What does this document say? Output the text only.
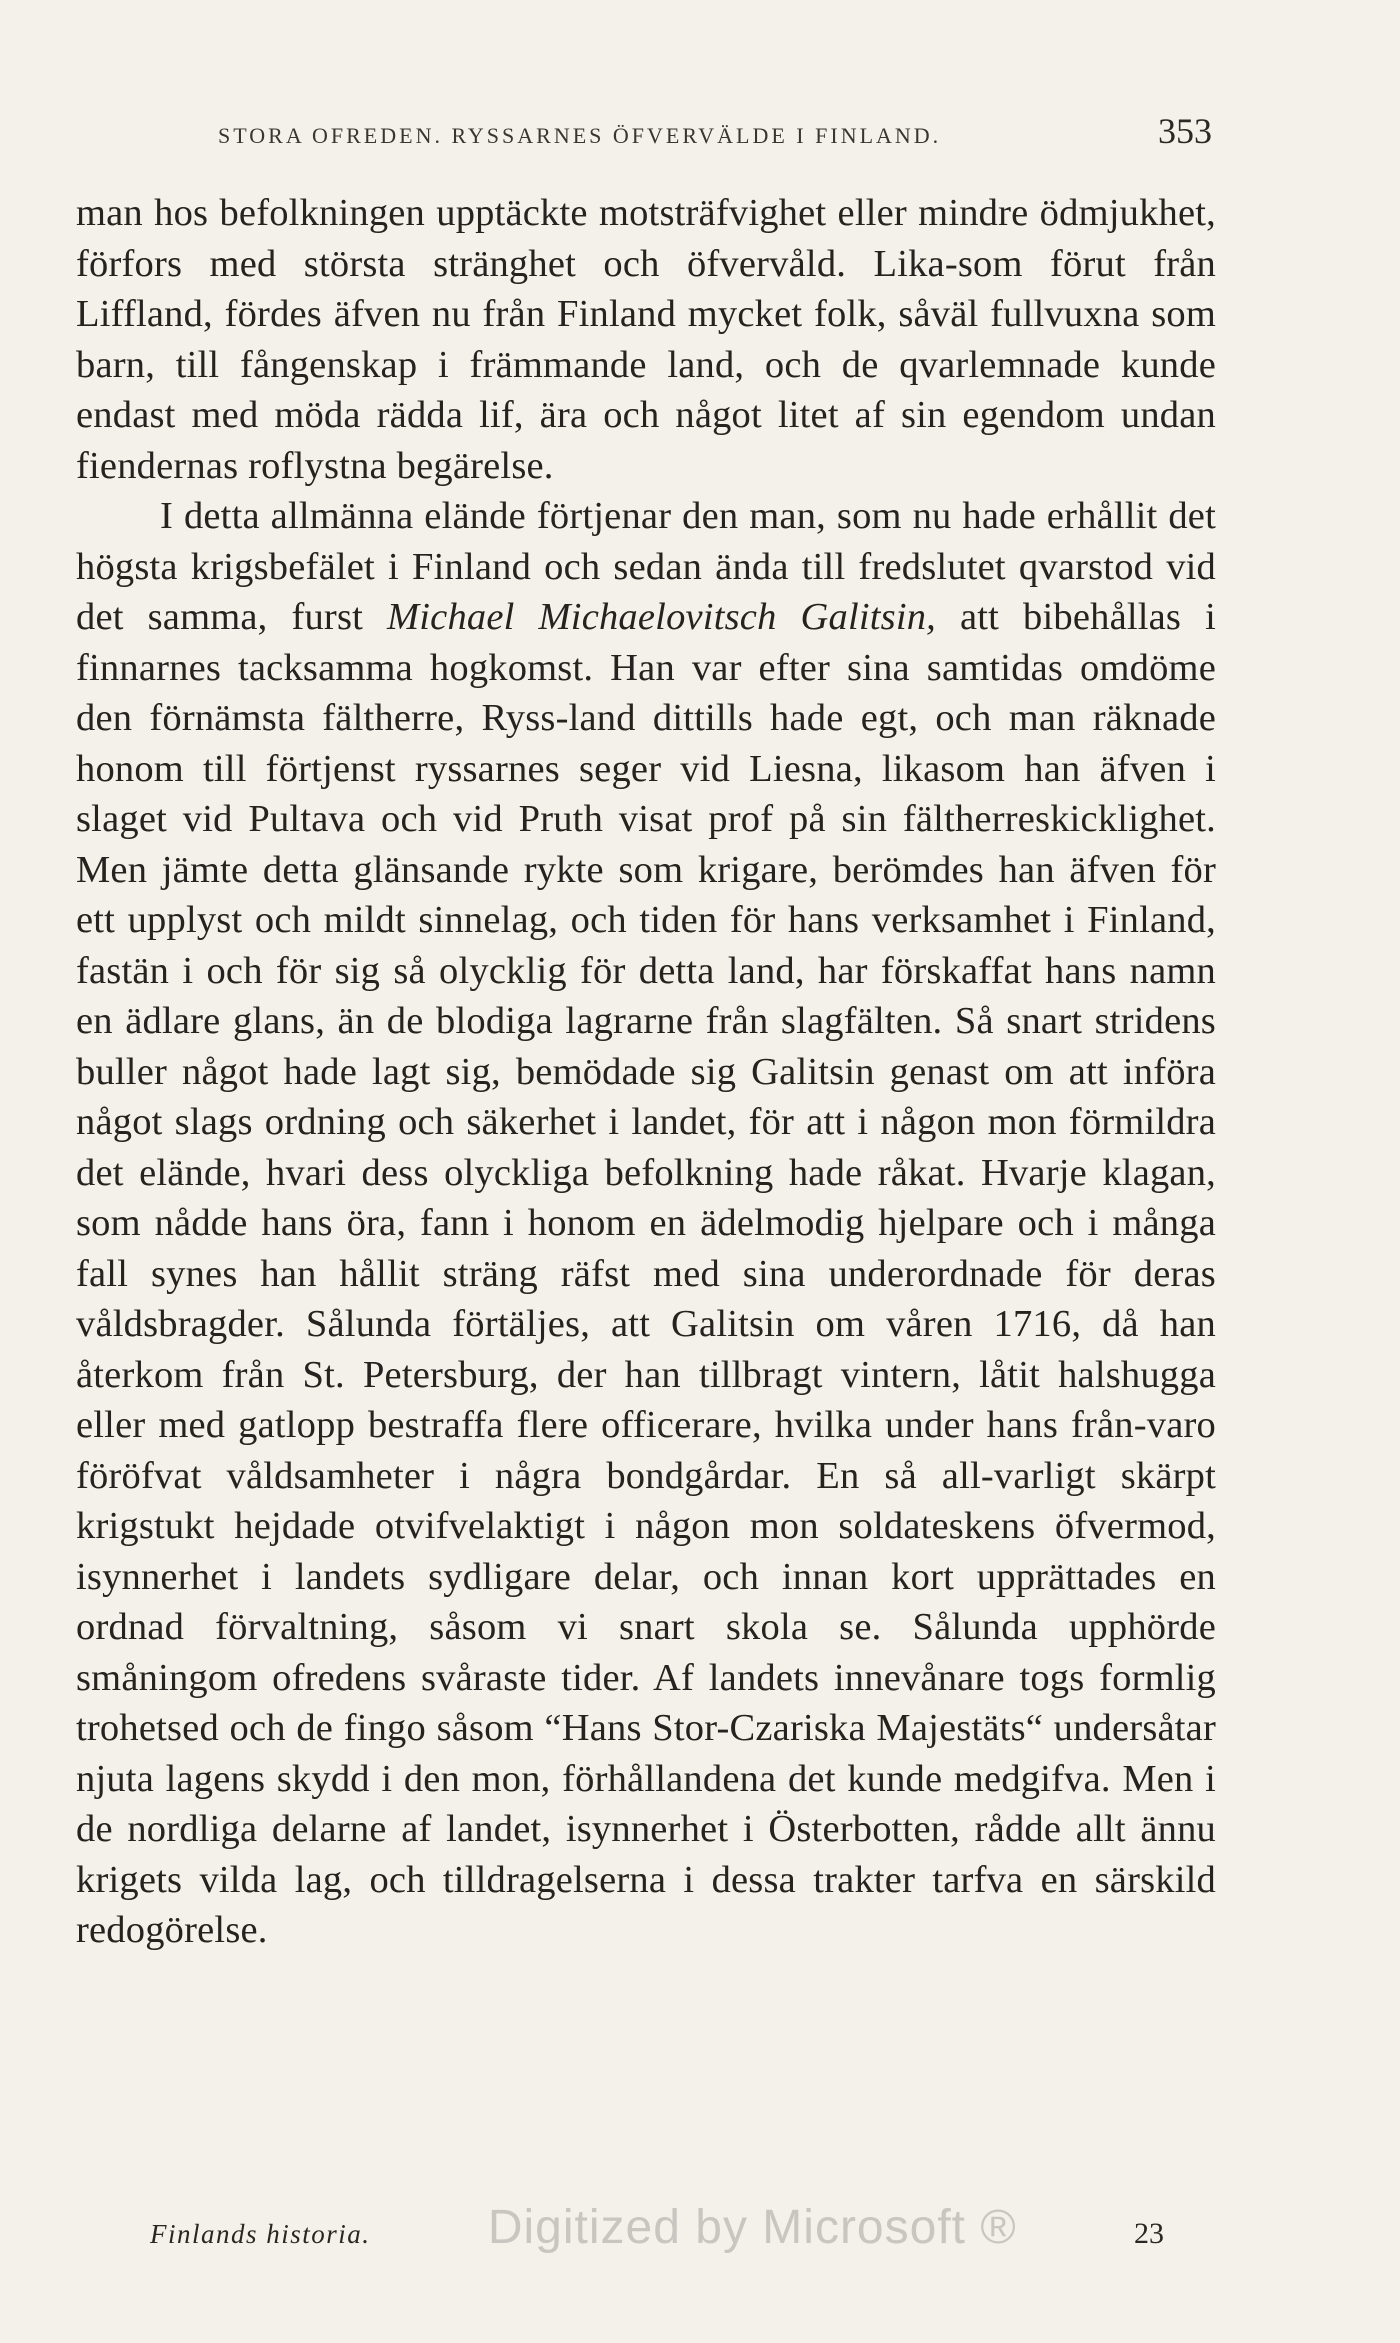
STORA OFREDEN. RYSSARNES ÖFVERVÄLDE I FINLAND.	353

man hos befolkningen upptäckte motsträfvighet eller mindre ödmjukhet, förfors med största stränghet och öfvervåld. Lika-som förut från Liffland, fördes äfven nu från Finland mycket folk, såväl fullvuxna som barn, till fångenskap i främmande land, och de qvarlemnade kunde endast med möda rädda lif, ära och något litet af sin egendom undan fiendernas roflystna begärelse.

I detta allmänna elände förtjenar den man, som nu hade erhållit det högsta krigsbefälet i Finland och sedan ända till fredslutet qvarstod vid det samma, furst Michael Michaelovitsch Galitsin, att bibehållas i finnarnes tacksamma hogkomst. Han var efter sina samtidas omdöme den förnämsta fältherre, Ryss-land dittills hade egt, och man räknade honom till förtjenst ryssarnes seger vid Liesna, likasom han äfven i slaget vid Pultava och vid Pruth visat prof på sin fältherreskicklighet. Men jämte detta glänsande rykte som krigare, berömdes han äfven för ett upplyst och mildt sinnelag, och tiden för hans verksamhet i Finland, fastän i och för sig så olycklig för detta land, har förskaffat hans namn en ädlare glans, än de blodiga lagrarne från slagfälten. Så snart stridens buller något hade lagt sig, bemödade sig Galitsin genast om att införa något slags ordning och säkerhet i landet, för att i någon mon förmildra det elände, hvari dess olyckliga befolkning hade råkat. Hvarje klagan, som nådde hans öra, fann i honom en ädelmodig hjelpare och i många fall synes han hållit sträng räfst med sina underordnade för deras våldsbragder. Sålunda förtäljes, att Galitsin om våren 1716, då han återkom från St. Petersburg, der han tillbragt vintern, låtit halshugga eller med gatlopp bestraffa flere officerare, hvilka under hans från-varo föröfvat våldsamheter i några bondgårdar. En så all-varligt skärpt krigstukt hejdade otvifvelaktigt i någon mon soldateskens öfvermod, isynnerhet i landets sydligare delar, och innan kort upprättades en ordnad förvaltning, såsom vi snart skola se. Sålunda upphörde småningom ofredens svåraste tider. Af landets innevånare togs formlig trohetsed och de fingo såsom “Hans Stor-Czariska Majestäts“ undersåtar njuta lagens skydd i den mon, förhållandena det kunde medgifva. Men i de nordliga delarne af landet, isynnerhet i Österbotten, rådde allt ännu krigets vilda lag, och tilldragelserna i dessa trakter tarfva en särskild redogörelse.

Finlands historia. Digitized by Microsoft ®	23
